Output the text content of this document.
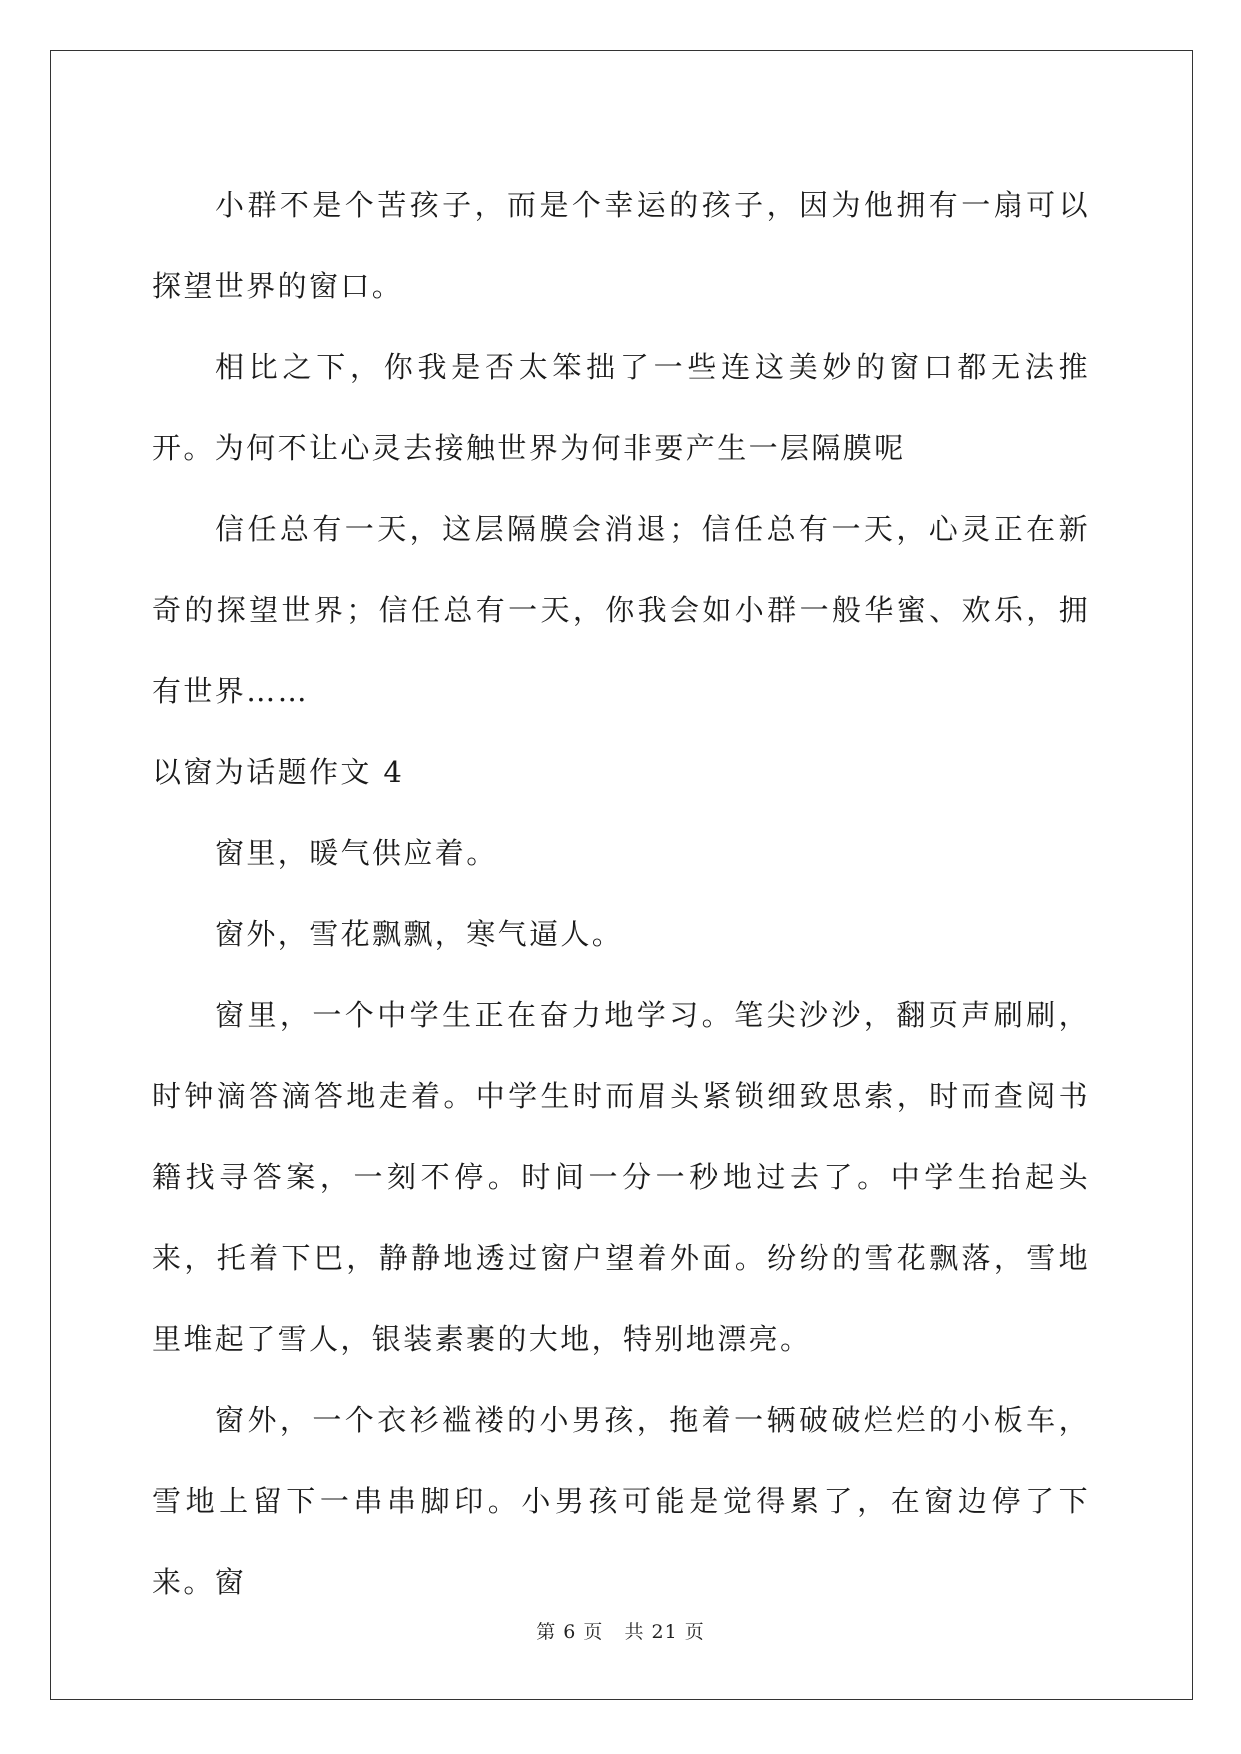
小群不是个苦孩子，而是个幸运的孩子，因为他拥有一扇可以探望世界的窗口。

相比之下，你我是否太笨拙了一些连这美妙的窗口都无法推开。为何不让心灵去接触世界为何非要产生一层隔膜呢

信任总有一天，这层隔膜会消退；信任总有一天，心灵正在新奇的探望世界；信任总有一天，你我会如小群一般华蜜、欢乐，拥有世界……

以窗为话题作文 4

窗里，暖气供应着。

窗外，雪花飘飘，寒气逼人。

窗里，一个中学生正在奋力地学习。笔尖沙沙，翻页声刷刷，时钟滴答滴答地走着。中学生时而眉头紧锁细致思索，时而查阅书籍找寻答案，一刻不停。时间一分一秒地过去了。中学生抬起头来，托着下巴，静静地透过窗户望着外面。纷纷的雪花飘落，雪地里堆起了雪人，银装素裹的大地，特别地漂亮。

窗外，一个衣衫褴褛的小男孩，拖着一辆破破烂烂的小板车，雪地上留下一串串脚印。小男孩可能是觉得累了，在窗边停了下来。窗

第 6 页 共 21 页
